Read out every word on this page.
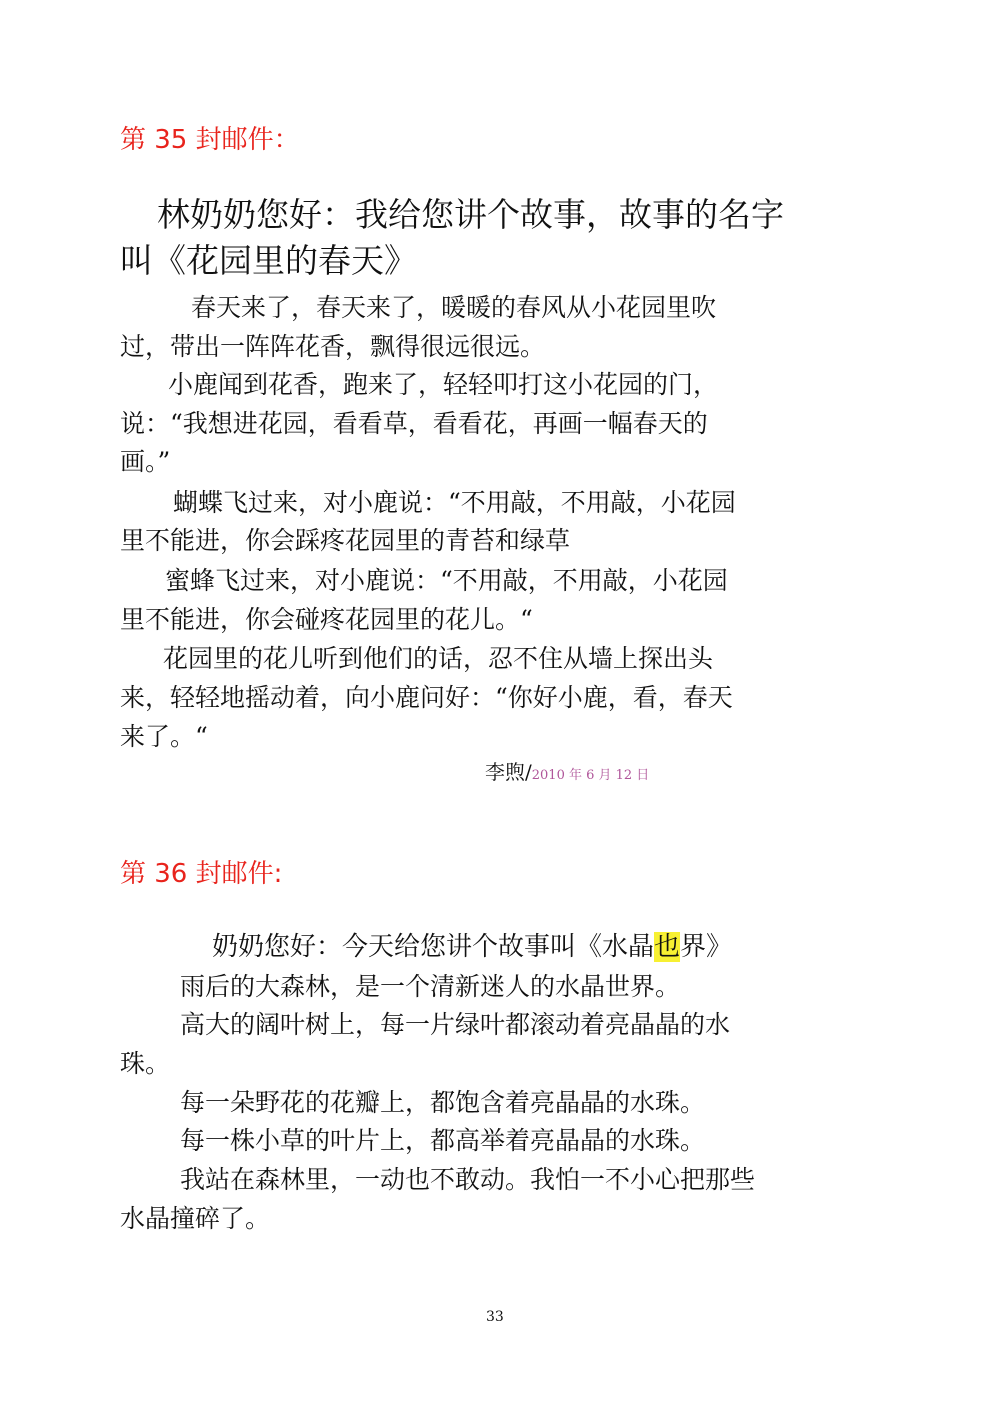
第 35 封邮件：
林奶奶您好：我给您讲个故事，故事的名字
叫《花园里的春天》
春天来了，春天来了，暖暖的春风从小花园里吹
过，带出一阵阵花香，飘得很远很远。
小鹿闻到花香，跑来了，轻轻叩打这小花园的门，
说：“我想进花园，看看草，看看花，再画一幅春天的
画。”
蝴蝶飞过来，对小鹿说：“不用敲，不用敲，小花园
里不能进，你会踩疼花园里的青苔和绿草
蜜蜂飞过来，对小鹿说：“不用敲，不用敲，小花园
里不能进，你会碰疼花园里的花儿。“
花园里的花儿听到他们的话，忍不住从墙上探出头
来，轻轻地摇动着，向小鹿问好：“你好小鹿，看，春天
来了。“
李煦/2010 年 6 月 12 日
第 36 封邮件:
奶奶您好：今天给您讲个故事叫《水晶也界》
雨后的大森林，是一个清新迷人的水晶世界。
高大的阔叶树上，每一片绿叶都滚动着亮晶晶的水
珠。
每一朵野花的花瓣上，都饱含着亮晶晶的水珠。
每一株小草的叶片上，都高举着亮晶晶的水珠。
我站在森林里，一动也不敢动。我怕一不小心把那些
水晶撞碎了。
33
